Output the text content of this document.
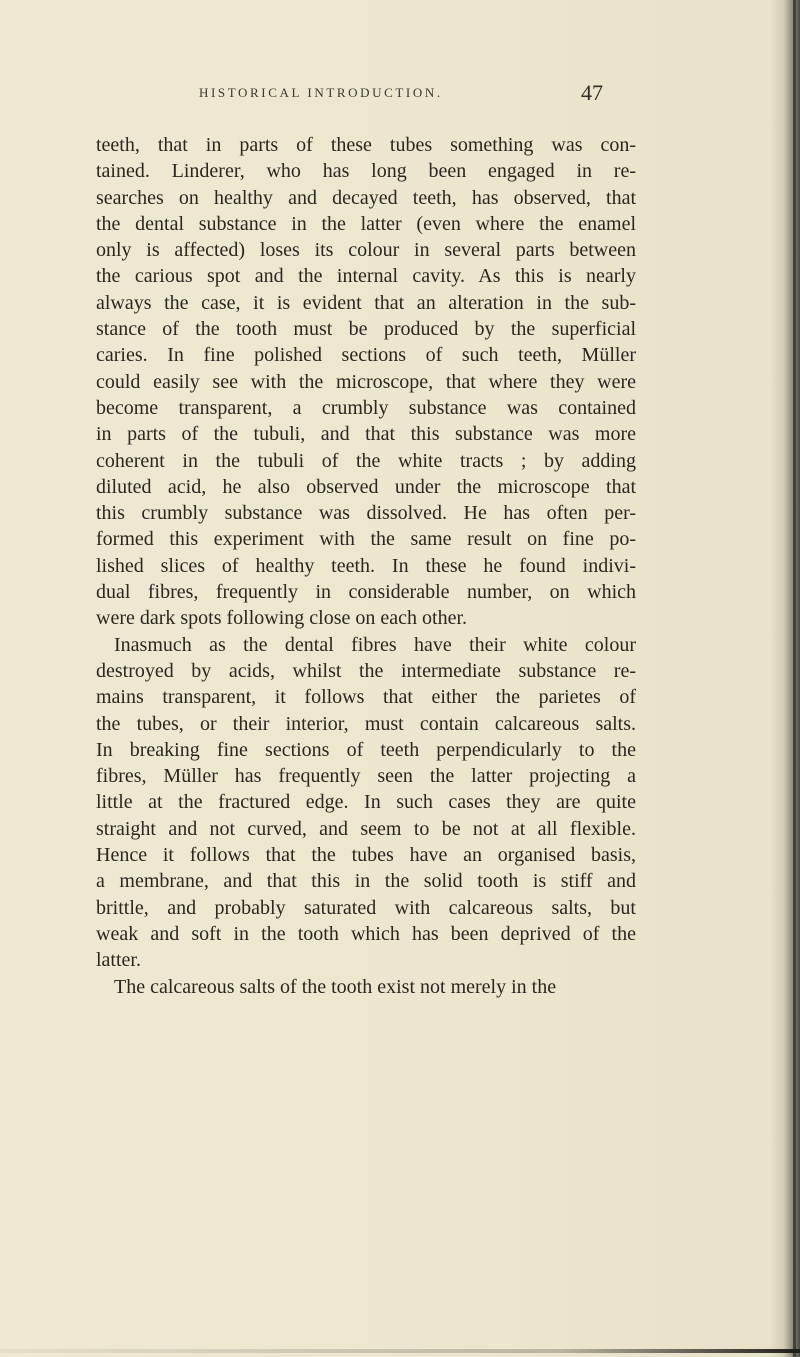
HISTORICAL INTRODUCTION.	47
teeth, that in parts of these tubes something was con-
tained. Linderer, who has long been engaged in re-
searches on healthy and decayed teeth, has observed, that
the dental substance in the latter (even where the enamel
only is affected) loses its colour in several parts between
the carious spot and the internal cavity. As this is nearly
always the case, it is evident that an alteration in the sub-
stance of the tooth must be produced by the superficial
caries. In fine polished sections of such teeth, Müller
could easily see with the microscope, that where they were
become transparent, a crumbly substance was contained
in parts of the tubuli, and that this substance was more
coherent in the tubuli of the white tracts ; by adding
diluted acid, he also observed under the microscope that
this crumbly substance was dissolved. He has often per-
formed this experiment with the same result on fine po-
lished slices of healthy teeth. In these he found indivi-
dual fibres, frequently in considerable number, on which
were dark spots following close on each other.
Inasmuch as the dental fibres have their white colour
destroyed by acids, whilst the intermediate substance re-
mains transparent, it follows that either the parietes of
the tubes, or their interior, must contain calcareous salts.
In breaking fine sections of teeth perpendicularly to the
fibres, Müller has frequently seen the latter projecting a
little at the fractured edge. In such cases they are quite
straight and not curved, and seem to be not at all flexible.
Hence it follows that the tubes have an organised basis,
a membrane, and that this in the solid tooth is stiff and
brittle, and probably saturated with calcareous salts, but
weak and soft in the tooth which has been deprived of the
latter.
The calcareous salts of the tooth exist not merely in the
